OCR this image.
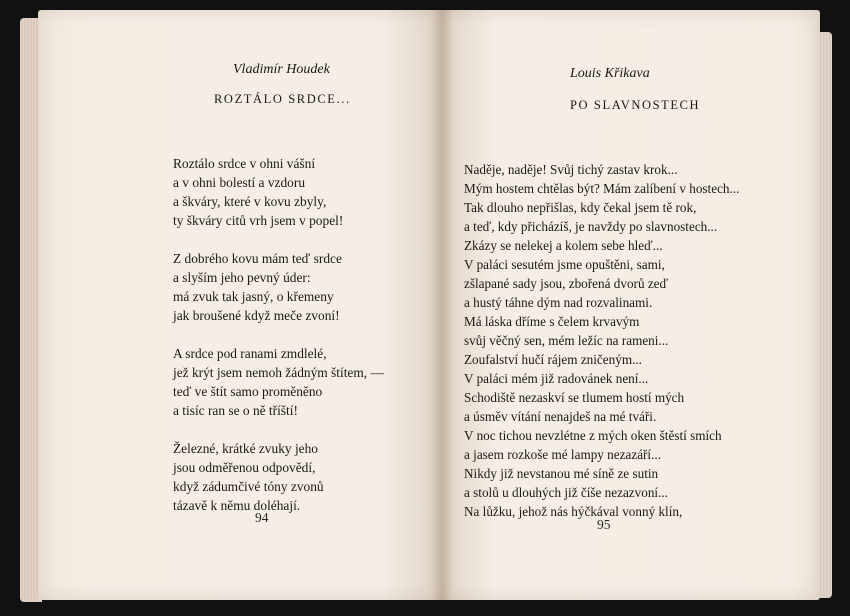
Vladimír Houdek
ROZTÁLO SRDCE...
Roztálo srdce v ohni vášní
a v ohni bolestí a vzdoru
a škváry, které v kovu zbyly,
ty škváry citů vrh jsem v popel!
Z dobrého kovu mám teď srdce
a slyším jeho pevný úder:
má zvuk tak jasný, o křemeny
jak broušené když meče zvoní!
A srdce pod ranami zmdlelé,
jež krýt jsem nemoh žádným štítem, —
teď ve štít samo proměněno
a tisíc ran se o ně tříští!
Železné, krátké zvuky jeho
jsou odměřenou odpovědí,
když zádumčivé tóny zvonů
tázavě k němu doléhají.
94
Louis Křikava
PO SLAVNOSTECH
Naděje, naděje! Svůj tichý zastav krok...
Mým hostem chtělas být? Mám zalíbení v hostech...
Tak dlouho nepřišlas, kdy čekal jsem tě rok,
a teď, kdy přicházíš, je navždy po slavnostech...
Zkázy se nelekej a kolem sebe hleď...
V paláci sesutém jsme opuštěni, sami,
zšlapané sady jsou, zbořená dvorů zeď
a hustý táhne dým nad rozvalinami.
Má láska dříme s čelem krvavým
svůj věčný sen, mém ležíc na rameni...
Zoufalství hučí rájem zničeným...
V paláci mém již radovánek není...
Schodiště nezaskví se tlumem hostí mých
a úsměv vítání nenajdeš na mé tváři.
V noc tichou nevzlétne z mých oken štěstí smích
a jasem rozkoše mé lampy nezazáří...
Nikdy již nevstanou mé síně ze sutin
a stolů u dlouhých již číše nezazvoní...
Na lůžku, jehož nás hýčkával vonný klín,
95
